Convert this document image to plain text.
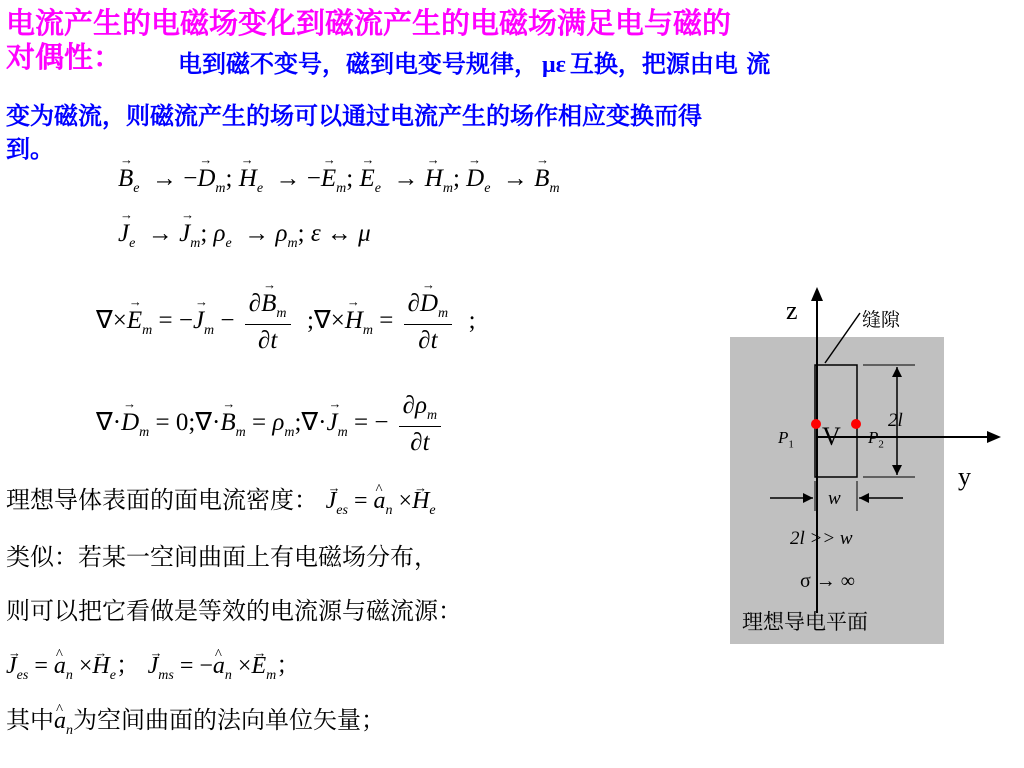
电流产生的电磁场变化到磁流产生的电磁场满足电与磁的
对偶性：	电到磁不变号，磁到电变号规律， με 互换，把源由电 流
变为磁流，则磁流产生的场可以通过电流产生的场作相应变换而得
到。
→ $B_e$  → −→ $D_m$; → $H_e$  → −→ $E_m$; → $E_e$  → → $H_m$; → $D_e$  → → $B_m$
→ $J_e$  → → $J_m$; $\rho_e \to \rho_m$; ε ↔ μ
∇×→ $E_m$ = −→ $J_m - \frac{\partial\to B_m}{\partial t}$ ;∇×→ $H_m = \frac{\partial\to D_m}{\partial t}$ ;
∇·→ $D_m$ = 0;∇·→ $B_m$ = $\rho_m;\nabla\cdot\to J_m$ = − $\frac{\partial\rho_m}{\partial t}$
理想导体表面的面电流密度： → $J_{es}$ = ^ $a_n \times\to H_e$
类似：若某一空间曲面上有电磁场分布，
则可以把它看做是等效的电流源与磁流源：
→ $J_{es}$ = ^ $a_n \times\to H_e$； → $J_{ms}$ = −^ $a_n \times\to E_m$；
其中^ $a_n$为空间曲面的法向单位矢量；
z
y
缝隙
V
$P_1$	$P_2$
2l
w
2l >> w
σ → ∞
理想导电平面
